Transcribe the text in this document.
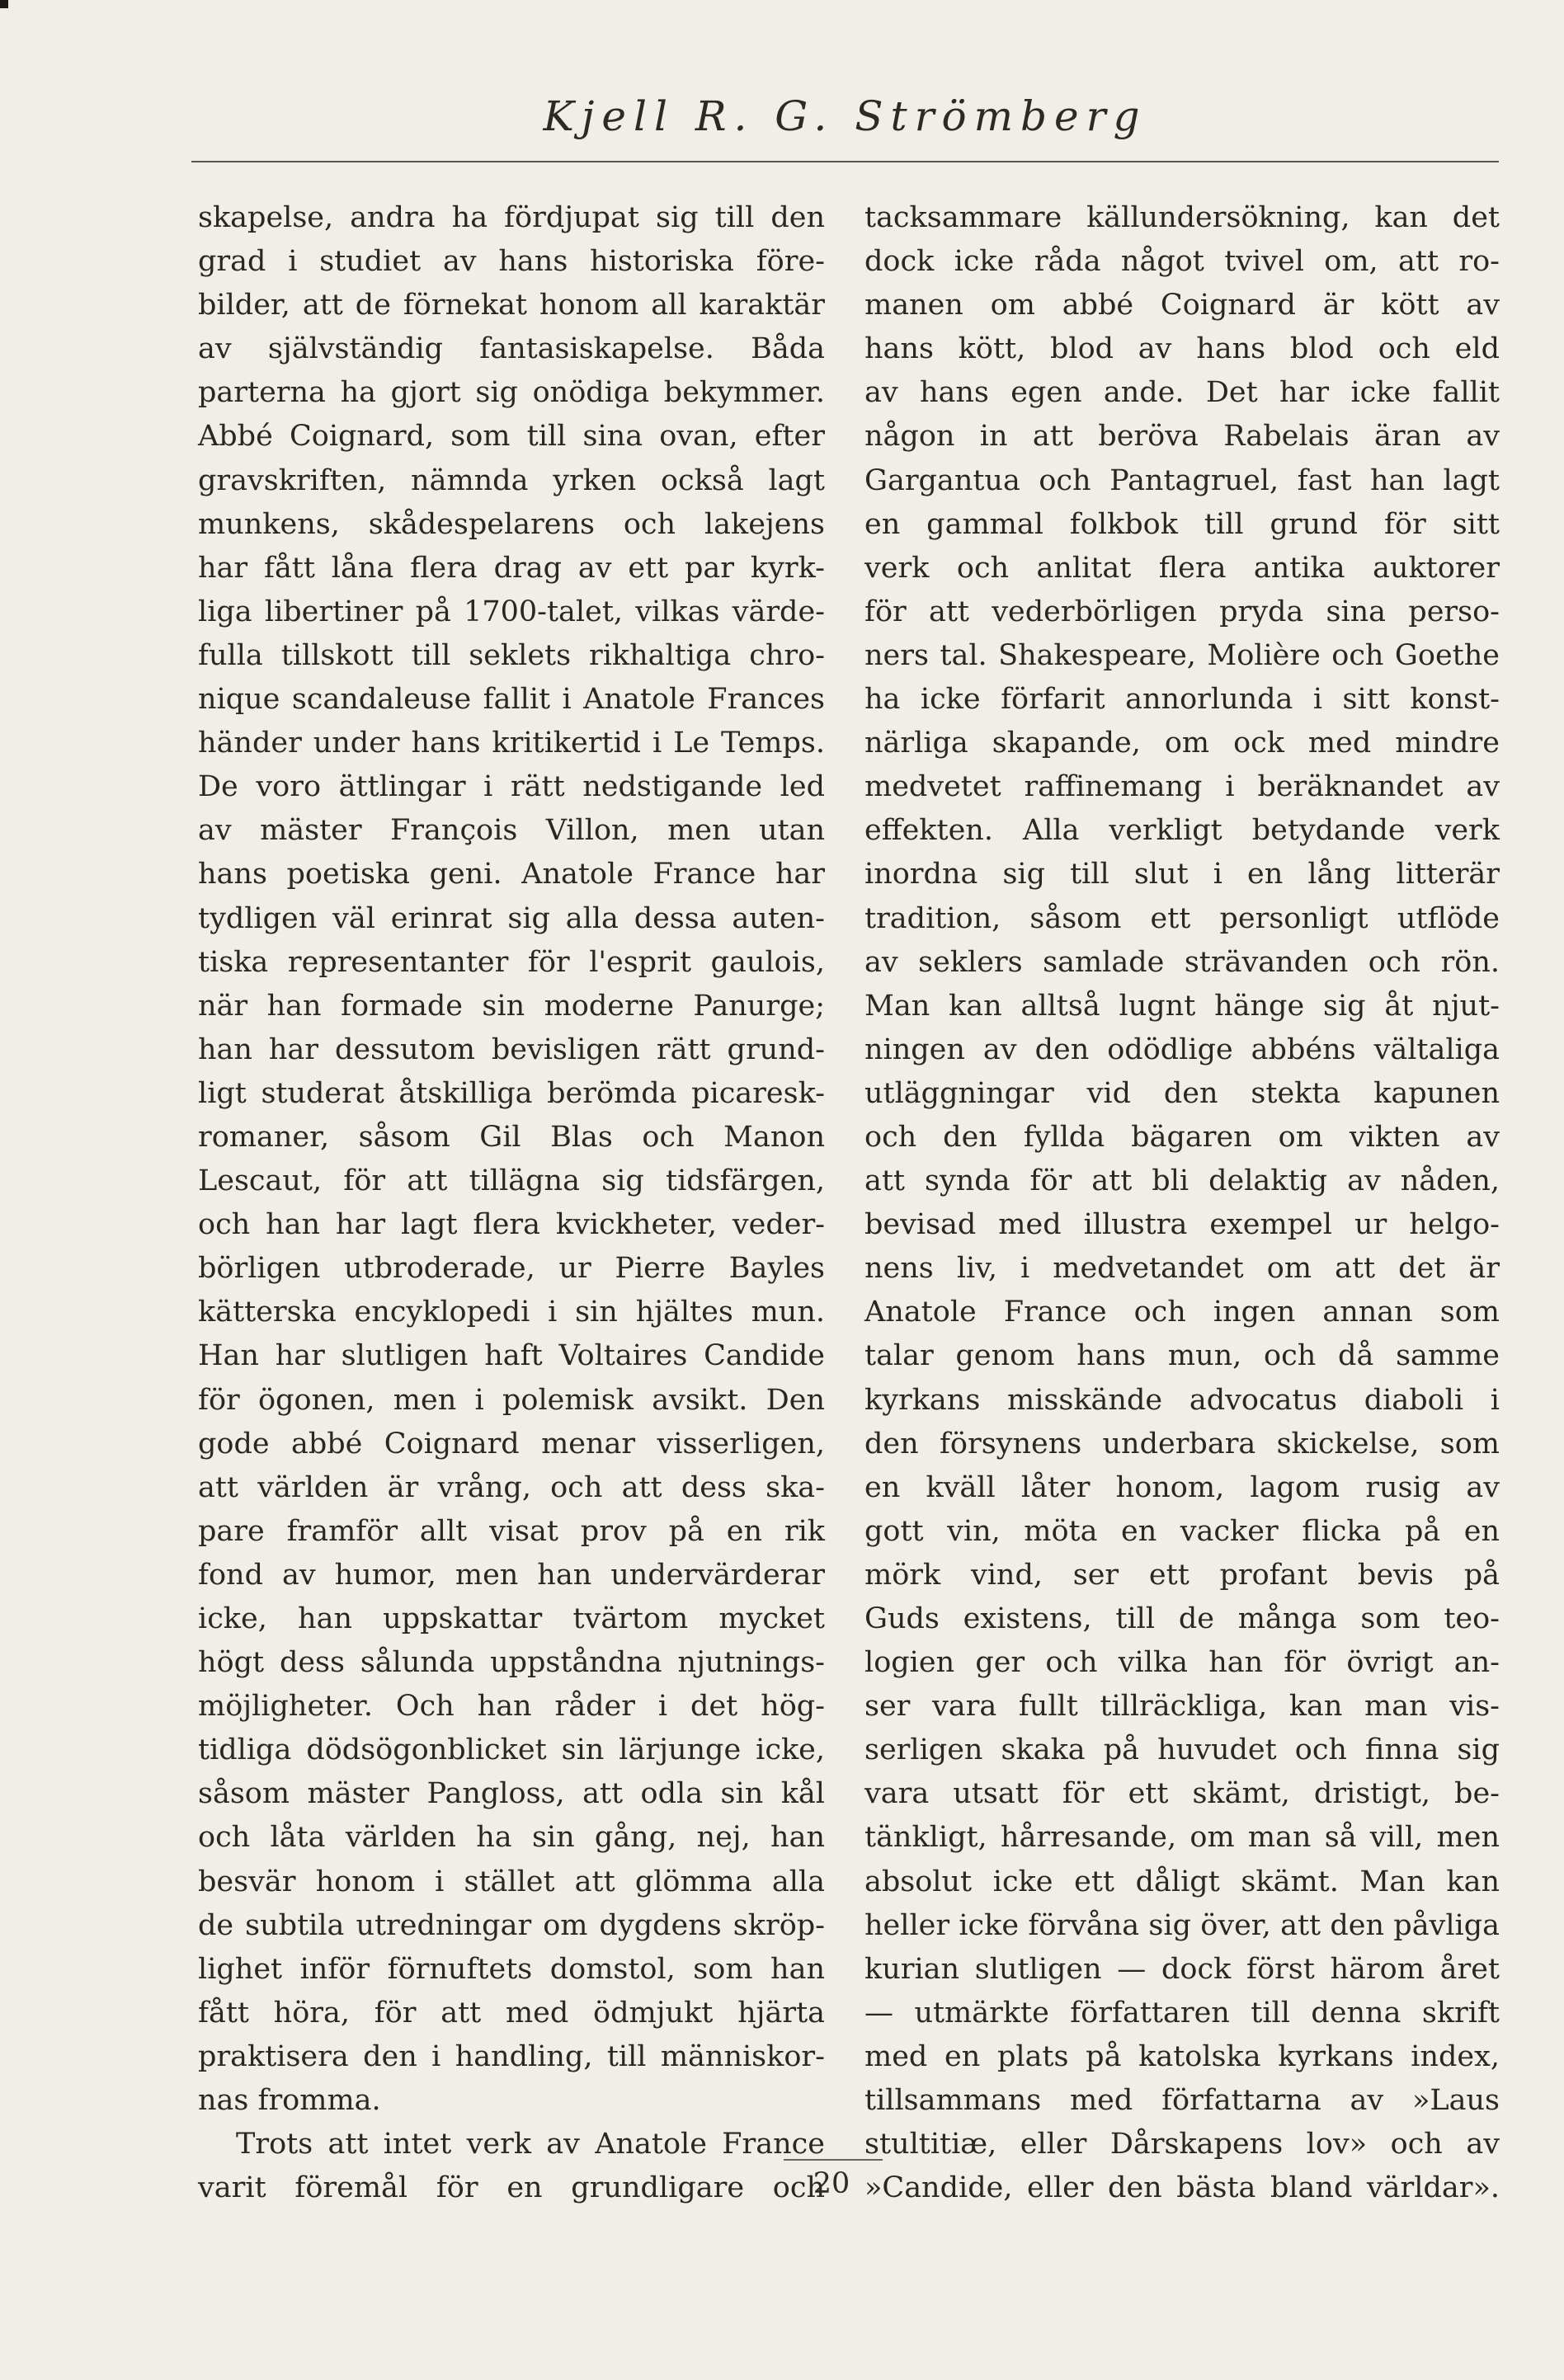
Kjell R. G. Strömberg
skapelse, andra ha fördjupat sig till den
grad i studiet av hans historiska före-
bilder, att de förnekat honom all karaktär
av självständig fantasiskapelse. Båda
parterna ha gjort sig onödiga bekymmer.
Abbé Coignard, som till sina ovan, efter
gravskriften, nämnda yrken också lagt
munkens, skådespelarens och lakejens
har fått låna flera drag av ett par kyrk-
liga libertiner på 1700-talet, vilkas värde-
fulla tillskott till seklets rikhaltiga chro-
nique scandaleuse fallit i Anatole Frances
händer under hans kritikertid i Le Temps.
De voro ättlingar i rätt nedstigande led
av mäster François Villon, men utan
hans poetiska geni. Anatole France har
tydligen väl erinrat sig alla dessa auten-
tiska representanter för l'esprit gaulois,
när han formade sin moderne Panurge;
han har dessutom bevisligen rätt grund-
ligt studerat åtskilliga berömda picaresk-
romaner, såsom Gil Blas och Manon
Lescaut, för att tillägna sig tidsfärgen,
och han har lagt flera kvickheter, veder-
börligen utbroderade, ur Pierre Bayles
kätterska encyklopedi i sin hjältes mun.
Han har slutligen haft Voltaires Candide
för ögonen, men i polemisk avsikt. Den
gode abbé Coignard menar visserligen,
att världen är vrång, och att dess ska-
pare framför allt visat prov på en rik
fond av humor, men han undervärderar
icke, han uppskattar tvärtom mycket
högt dess sålunda uppståndna njutnings-
möjligheter. Och han råder i det hög-
tidliga dödsögonblicket sin lärjunge icke,
såsom mäster Pangloss, att odla sin kål
och låta världen ha sin gång, nej, han
besvär honom i stället att glömma alla
de subtila utredningar om dygdens skröp-
lighet inför förnuftets domstol, som han
fått höra, för att med ödmjukt hjärta
praktisera den i handling, till människor-
nas fromma.
Trots att intet verk av Anatole France
varit föremål för en grundligare och
tacksammare källundersökning, kan det
dock icke råda något tvivel om, att ro-
manen om abbé Coignard är kött av
hans kött, blod av hans blod och eld
av hans egen ande. Det har icke fallit
någon in att beröva Rabelais äran av
Gargantua och Pantagruel, fast han lagt
en gammal folkbok till grund för sitt
verk och anlitat flera antika auktorer
för att vederbörligen pryda sina perso-
ners tal. Shakespeare, Molière och Goethe
ha icke förfarit annorlunda i sitt konst-
närliga skapande, om ock med mindre
medvetet raffinemang i beräknandet av
effekten. Alla verkligt betydande verk
inordna sig till slut i en lång litterär
tradition, såsom ett personligt utflöde
av seklers samlade strävanden och rön.
Man kan alltså lugnt hänge sig åt njut-
ningen av den odödlige abbéns vältaliga
utläggningar vid den stekta kapunen
och den fyllda bägaren om vikten av
att synda för att bli delaktig av nåden,
bevisad med illustra exempel ur helgo-
nens liv, i medvetandet om att det är
Anatole France och ingen annan som
talar genom hans mun, och då samme
kyrkans misskände advocatus diaboli i
den försynens underbara skickelse, som
en kväll låter honom, lagom rusig av
gott vin, möta en vacker flicka på en
mörk vind, ser ett profant bevis på
Guds existens, till de många som teo-
logien ger och vilka han för övrigt an-
ser vara fullt tillräckliga, kan man vis-
serligen skaka på huvudet och finna sig
vara utsatt för ett skämt, dristigt, be-
tänkligt, hårresande, om man så vill, men
absolut icke ett dåligt skämt. Man kan
heller icke förvåna sig över, att den påvliga
kurian slutligen — dock först härom året
— utmärkte författaren till denna skrift
med en plats på katolska kyrkans index,
tillsammans med författarna av »Laus
stultitiæ, eller Dårskapens lov» och av
»Candide, eller den bästa bland världar».
20
